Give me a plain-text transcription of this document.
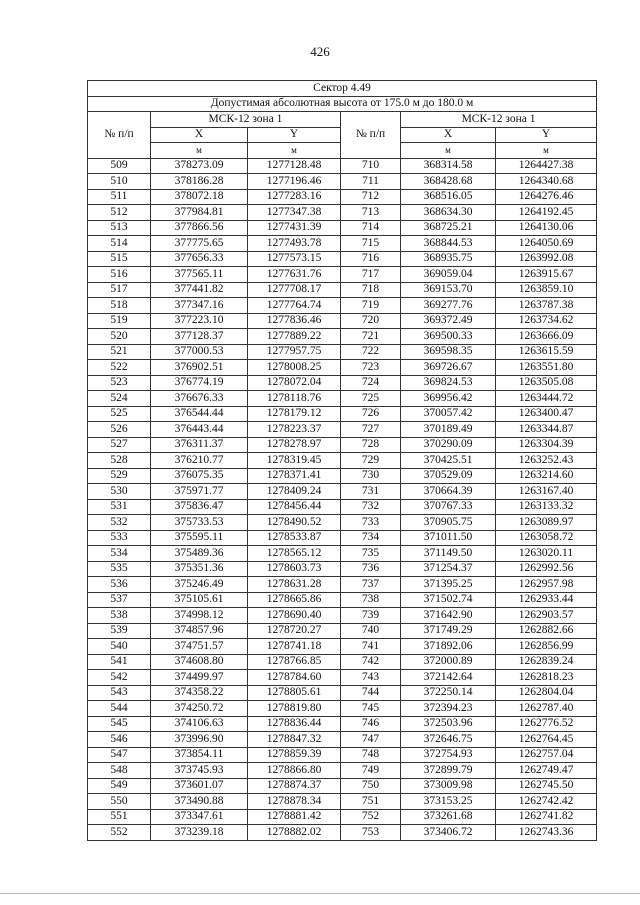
426
Сектор 4.49					
Допустимая абсолютная высота от 175.0 м до 180.0 м					
№ п/п	МСК-12 зона 1		№ п/п	МСК-12 зона 1	
	X	Y		X	Y
	м	м		м	м
509	378273.09	1277128.48	710	368314.58	1264427.38
510	378186.28	1277196.46	711	368428.68	1264340.68
511	378072.18	1277283.16	712	368516.05	1264276.46
512	377984.81	1277347.38	713	368634.30	1264192.45
513	377866.56	1277431.39	714	368725.21	1264130.06
514	377775.65	1277493.78	715	368844.53	1264050.69
515	377656.33	1277573.15	716	368935.75	1263992.08
516	377565.11	1277631.76	717	369059.04	1263915.67
517	377441.82	1277708.17	718	369153.70	1263859.10
518	377347.16	1277764.74	719	369277.76	1263787.38
519	377223.10	1277836.46	720	369372.49	1263734.62
520	377128.37	1277889.22	721	369500.33	1263666.09
521	377000.53	1277957.75	722	369598.35	1263615.59
522	376902.51	1278008.25	723	369726.67	1263551.80
523	376774.19	1278072.04	724	369824.53	1263505.08
524	376676.33	1278118.76	725	369956.42	1263444.72
525	376544.44	1278179.12	726	370057.42	1263400.47
526	376443.44	1278223.37	727	370189.49	1263344.87
527	376311.37	1278278.97	728	370290.09	1263304.39
528	376210.77	1278319.45	729	370425.51	1263252.43
529	376075.35	1278371.41	730	370529.09	1263214.60
530	375971.77	1278409.24	731	370664.39	1263167.40
531	375836.47	1278456.44	732	370767.33	1263133.32
532	375733.53	1278490.52	733	370905.75	1263089.97
533	375595.11	1278533.87	734	371011.50	1263058.72
534	375489.36	1278565.12	735	371149.50	1263020.11
535	375351.36	1278603.73	736	371254.37	1262992.56
536	375246.49	1278631.28	737	371395.25	1262957.98
537	375105.61	1278665.86	738	371502.74	1262933.44
538	374998.12	1278690.40	739	371642.90	1262903.57
539	374857.96	1278720.27	740	371749.29	1262882.66
540	374751.57	1278741.18	741	371892.06	1262856.99
541	374608.80	1278766.85	742	372000.89	1262839.24
542	374499.97	1278784.60	743	372142.64	1262818.23
543	374358.22	1278805.61	744	372250.14	1262804.04
544	374250.72	1278819.80	745	372394.23	1262787.40
545	374106.63	1278836.44	746	372503.96	1262776.52
546	373996.90	1278847.32	747	372646.75	1262764.45
547	373854.11	1278859.39	748	372754.93	1262757.04
548	373745.93	1278866.80	749	372899.79	1262749.47
549	373601.07	1278874.37	750	373009.98	1262745.50
550	373490.88	1278878.34	751	373153.25	1262742.42
551	373347.61	1278881.42	752	373261.68	1262741.82
552	373239.18	1278882.02	753	373406.72	1262743.36
